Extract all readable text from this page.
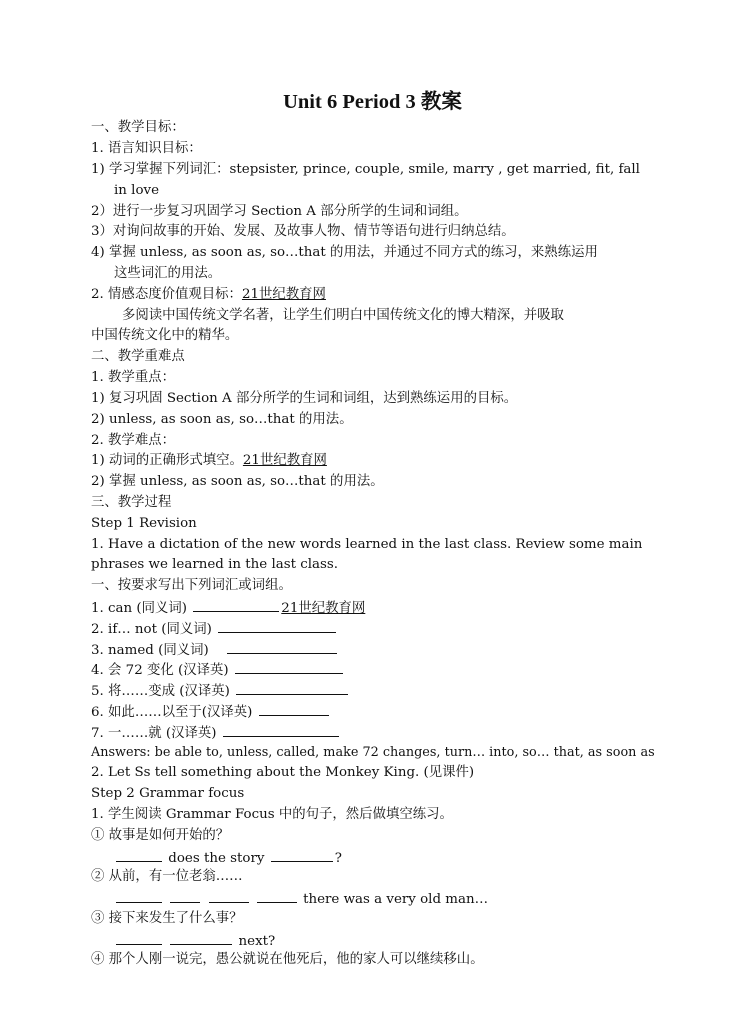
Unit 6 Period 3 教案
一、教学目标：
1. 语言知识目标：
1) 学习掌握下列词汇：stepsister, prince, couple, smile, marry , get married, fit, fall
in love
2）进行一步复习巩固学习 Section A 部分所学的生词和词组。
3）对询问故事的开始、发展、及故事人物、情节等语句进行归纳总结。
4) 掌握 unless, as soon as, so…that 的用法，并通过不同方式的练习，来熟练运用
这些词汇的用法。
2. 情感态度价值观目标：21世纪教育网
多阅读中国传统文学名著，让学生们明白中国传统文化的博大精深，并吸取
中国传统文化中的精华。
二、教学重难点
1. 教学重点：
1) 复习巩固 Section A 部分所学的生词和词组，达到熟练运用的目标。
2) unless, as soon as, so…that 的用法。
2. 教学难点：
1) 动词的正确形式填空。21世纪教育网
2) 掌握 unless, as soon as, so…that 的用法。
三、教学过程
Step 1 Revision
1. Have a dictation of the new words learned in the last class. Review some main
phrases we learned in the last class.
一、按要求写出下列词汇或词组。
1. can (同义词)	21世纪教育网
2. if… not (同义词)
3. named (同义词)
4. 会 72 变化 (汉译英)
5. 将……变成 (汉译英)
6. 如此……以至于(汉译英)
7. 一……就 (汉译英)
Answers: be able to, unless, called, make 72 changes, turn… into, so… that, as soon as
2. Let Ss tell something about the Monkey King. (见课件)
Step 2 Grammar focus
1. 学生阅读 Grammar Focus 中的句子，然后做填空练习。
① 故事是如何开始的？
does the story	?
② 从前，有一位老翁……
there was a very old man…
③ 接下来发生了什么事？
next?
④ 那个人刚一说完，愚公就说在他死后，他的家人可以继续移山。
